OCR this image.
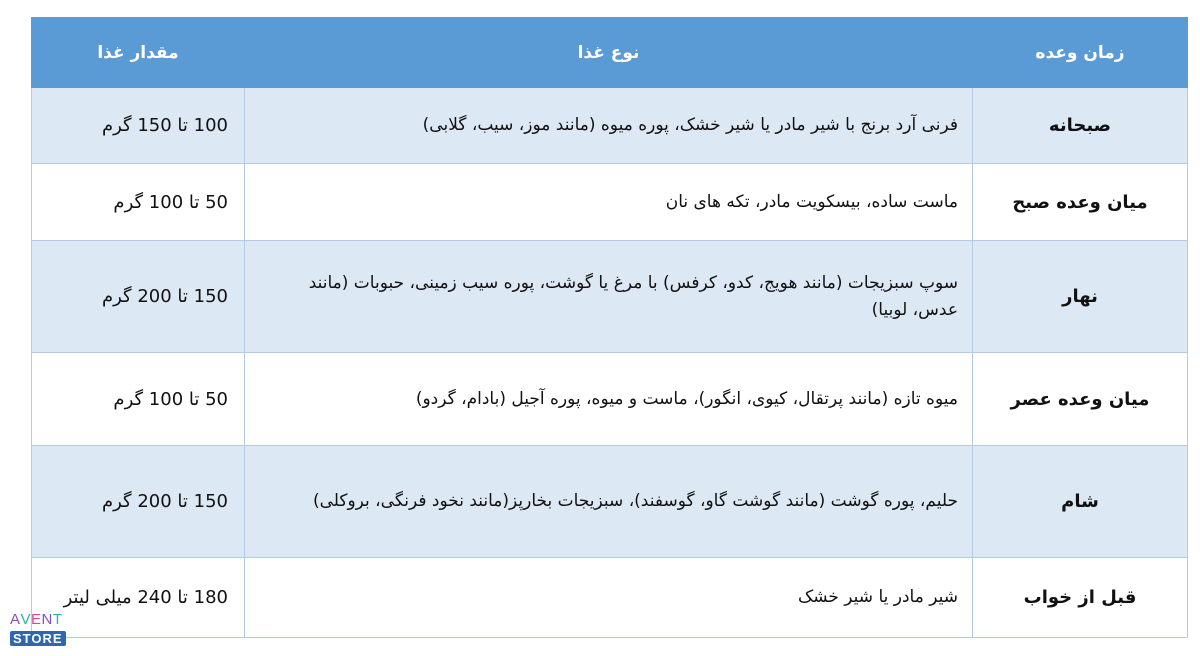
زمان وعده	نوع غذا	مقدار غذا
صبحانه	فرنی آرد برنج با شیر مادر یا شیر خشک، پوره میوه (مانند موز، سیب، گلابی)	100 تا 150 گرم
میان وعده صبح	ماست ساده، بیسکویت مادر، تکه های نان	50 تا 100 گرم
نهار	سوپ سبزیجات (مانند هویج، کدو، کرفس) با مرغ یا گوشت، پوره سیب زمینی، حبوبات (مانند عدس، لوبیا)	150 تا 200 گرم
میان وعده عصر	میوه تازه (مانند پرتقال، کیوی، انگور)، ماست و میوه، پوره آجیل (بادام، گردو)	50 تا 100 گرم
شام	حلیم، پوره گوشت (مانند گوشت گاو، گوسفند)، سبزیجات بخارپز(مانند نخود فرنگی، بروکلی)	150 تا 200 گرم
قبل از خواب	شیر مادر یا شیر خشک	180 تا 240 میلی لیتر
AVENT
STORE
